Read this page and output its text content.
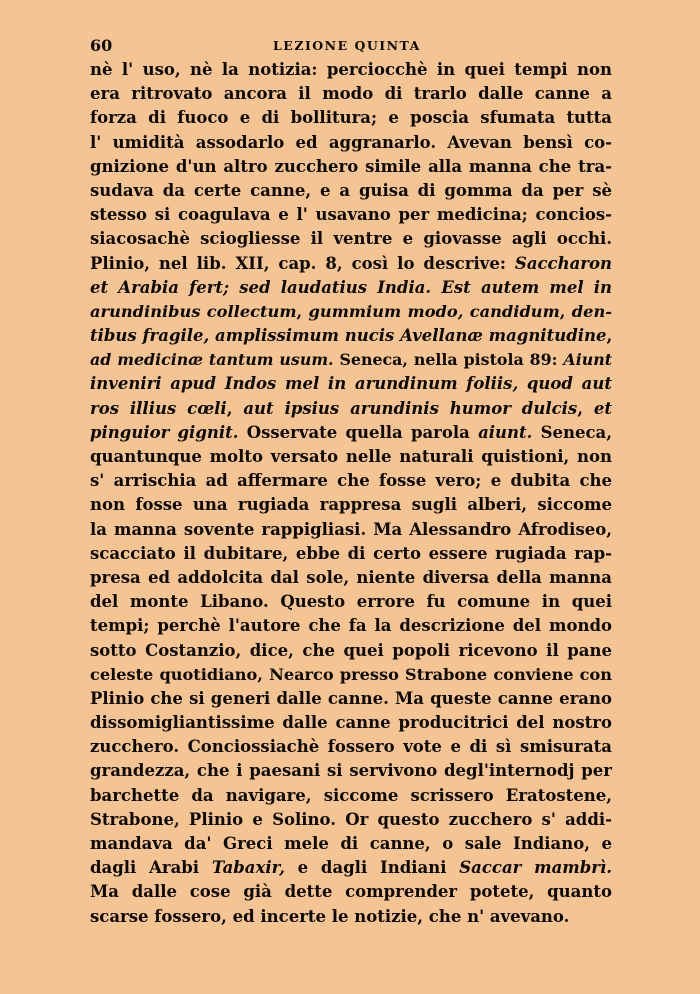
60	LEZIONE QUINTA
nè l' uso, nè la notizia: perciocchè in quei tempi non
era ritrovato ancora il modo di trarlo dalle canne a
forza di fuoco e di bollitura; e poscia sfumata tutta
l' umidità assodarlo ed aggranarlo. Avevan bensì co-
gnizione d'un altro zucchero simile alla manna che tra-
sudava da certe canne, e a guisa di gomma da per sè
stesso si coagulava e l' usavano per medicina; concios-
siacosachè sciogliesse il ventre e giovasse agli occhi.
Plinio, nel lib. XII, cap. 8, così lo descrive: Saccharon
et Arabia fert; sed laudatius India. Est autem mel in
arundinibus collectum, gummium modo, candidum, den-
tibus fragile, amplissimum nucis Avellanæ magnitudine,
ad medicinæ tantum usum. Seneca, nella pistola 89: Aiunt
inveniri apud Indos mel in arundinum foliis, quod aut
ros illius cœli, aut ipsius arundinis humor dulcis, et
pinguior gignit. Osservate quella parola aiunt. Seneca,
quantunque molto versato nelle naturali quistioni, non
s' arrischia ad affermare che fosse vero; e dubita che
non fosse una rugiada rappresa sugli alberi, siccome
la manna sovente rappigliasi. Ma Alessandro Afrodiseo,
scacciato il dubitare, ebbe di certo essere rugiada rap-
presa ed addolcita dal sole, niente diversa della manna
del monte Libano. Questo errore fu comune in quei
tempi; perchè l'autore che fa la descrizione del mondo
sotto Costanzio, dice, che quei popoli ricevono il pane
celeste quotidiano, Nearco presso Strabone conviene con
Plinio che si generi dalle canne. Ma queste canne erano
dissomigliantissime dalle canne producitrici del nostro
zucchero. Conciossiachè fossero vote e di sì smisurata
grandezza, che i paesani si servivono degl'internodj per
barchette da navigare, siccome scrissero Eratostene,
Strabone, Plinio e Solino. Or questo zucchero s' addi-
mandava da' Greci mele di canne, o sale Indiano, e
dagli Arabi Tabaxir, e dagli Indiani Saccar mambrì.
Ma dalle cose già dette comprender potete, quanto
scarse fossero, ed incerte le notizie, che n' avevano.
